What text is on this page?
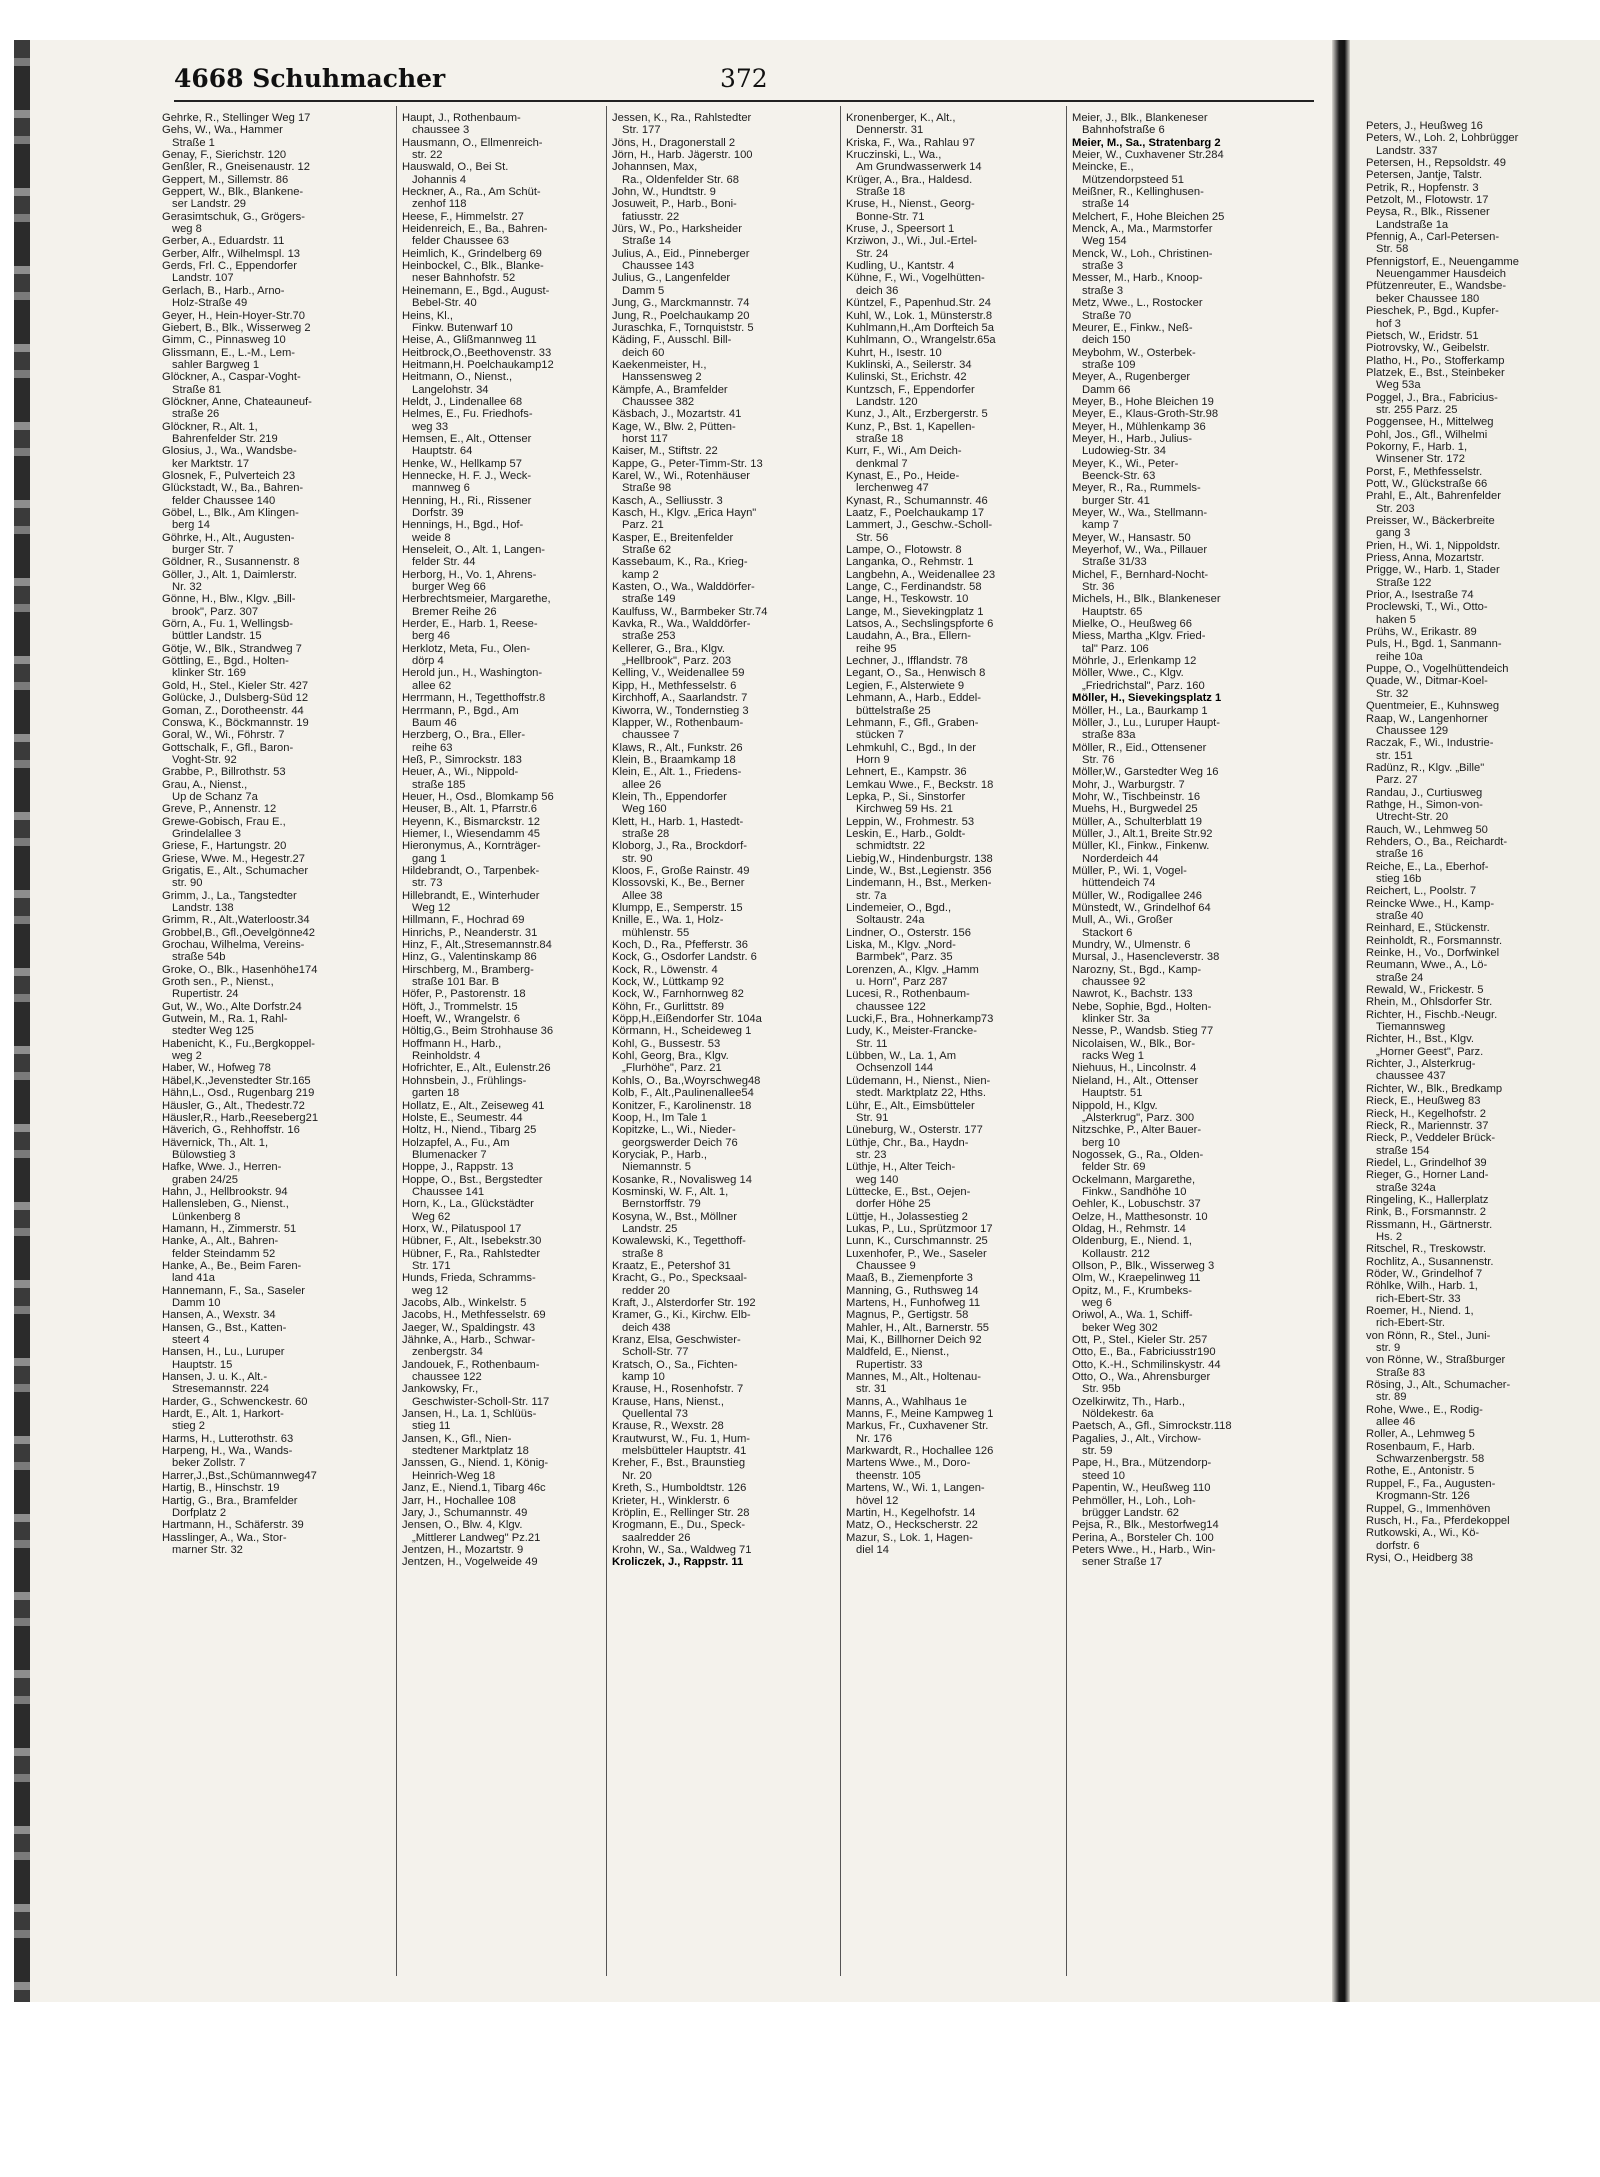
4668 Schuhmacher	372
Gehrke, R., Stellinger Weg 17
Gehs, W., Wa., Hammer
Straße 1
Genay, F., Sierichstr. 120
Genßler, R., Gneisenaustr. 12
Geppert, M., Sillemstr. 86
Geppert, W., Blk., Blankene-
ser Landstr. 29
Gerasimtschuk, G., Grögers-
weg 8
Gerber, A., Eduardstr. 11
Gerber, Alfr., Wilhelmspl. 13
Gerds, Frl. C., Eppendorfer
Landstr. 107
Gerlach, B., Harb., Arno-
Holz-Straße 49
Geyer, H., Hein-Hoyer-Str.70
Giebert, B., Blk., Wisserweg 2
Gimm, C., Pinnasweg 10
Glissmann, E., L.-M., Lem-
sahler Bargweg 1
Glöckner, A., Caspar-Voght-
Straße 81
Glöckner, Anne, Chateauneuf-
straße 26
Glöckner, R., Alt. 1,
Bahrenfelder Str. 219
Glosius, J., Wa., Wandsbe-
ker Marktstr. 17
Glosnek, F., Pulverteich 23
Glückstadt, W., Ba., Bahren-
felder Chaussee 140
Göbel, L., Blk., Am Klingen-
berg 14
Göhrke, H., Alt., Augusten-
burger Str. 7
Göldner, R., Susannenstr. 8
Göller, J., Alt. 1, Daimlerstr.
Nr. 32
Gönne, H., Blw., Klgv. „Bill-
brook", Parz. 307
Görn, A., Fu. 1, Wellingsb-
büttler Landstr. 15
Götje, W., Blk., Strandweg 7
Göttling, E., Bgd., Holten-
klinker Str. 169
Gold, H., Stel., Kieler Str. 427
Golücke, J., Dulsberg-Süd 12
Goman, Z., Dorotheenstr. 44
Conswa, K., Böckmannstr. 19
Goral, W., Wi., Föhrstr. 7
Gottschalk, F., Gfl., Baron-
Voght-Str. 92
Grabbe, P., Billrothstr. 53
Grau, A., Nienst.,
Up de Schanz 7a
Greve, P., Annenstr. 12
Grewe-Gobisch, Frau E.,
Grindelallee 3
Griese, F., Hartungstr. 20
Griese, Wwe. M., Hegestr.27
Grigatis, E., Alt., Schumacher
str. 90
Grimm, J., La., Tangstedter
Landstr. 138
Grimm, R., Alt.,Waterloostr.34
Grobbel,B., Gfl.,Oevelgönne42
Grochau, Wilhelma, Vereins-
straße 54b
Groke, O., Blk., Hasenhöhe174
Groth sen., P., Nienst.,
Rupertistr. 24
Gut, W., Wo., Alte Dorfstr.24
Gutwein, M., Ra. 1, Rahl-
stedter Weg 125
Habenicht, K., Fu.,Bergkoppel-
weg 2
Haber, W., Hofweg 78
Häbel,K.,Jevenstedter Str.165
Hähn,L., Osd., Rugenbarg 219
Häusler, G., Alt., Thedestr.72
Häusler,R., Harb.,Reeseberg21
Häverich, G., Rehhoffstr. 16
Hävernick, Th., Alt. 1,
Bülowstieg 3
Hafke, Wwe. J., Herren-
graben 24/25
Hahn, J., Hellbrookstr. 94
Hallensleben, G., Nienst.,
Lünkenberg 8
Hamann, H., Zimmerstr. 51
Hanke, A., Alt., Bahren-
felder Steindamm 52
Hanke, A., Be., Beim Faren-
land 41a
Hannemann, F., Sa., Saseler
Damm 10
Hansen, A., Wexstr. 34
Hansen, G., Bst., Katten-
steert 4
Hansen, H., Lu., Luruper
Hauptstr. 15
Hansen, J. u. K., Alt.-
Stresemannstr. 224
Harder, G., Schwenckestr. 60
Hardt, E., Alt. 1, Harkort-
stieg 2
Harms, H., Lutterothstr. 63
Harpeng, H., Wa., Wands-
beker Zollstr. 7
Harrer,J.,Bst.,Schümannweg47
Hartig, B., Hinschstr. 19
Hartig, G., Bra., Bramfelder
Dorfplatz 2
Hartmann, H., Schäferstr. 39
Hasslinger, A., Wa., Stor-
marner Str. 32
Haupt, J., Rothenbaum-
chaussee 3
Hausmann, O., Ellmenreich-
str. 22
Hauswald, O., Bei St.
Johannis 4
Heckner, A., Ra., Am Schüt-
zenhof 118
Heese, F., Himmelstr. 27
Heidenreich, E., Ba., Bahren-
felder Chaussee 63
Heimlich, K., Grindelberg 69
Heinbockel, C., Blk., Blanke-
neser Bahnhofstr. 52
Heinemann, E., Bgd., August-
Bebel-Str. 40
Heins, Kl.,
Finkw. Butenwarf 10
Heise, A., Glißmannweg 11
Heitbrock,O.,Beethovenstr. 33
Heitmann,H. Poelchaukamp12
Heitmann, O., Nienst.,
Langelohstr. 34
Heldt, J., Lindenallee 68
Helmes, E., Fu. Friedhofs-
weg 33
Hemsen, E., Alt., Ottenser
Hauptstr. 64
Henke, W., Hellkamp 57
Hennecke, H. F. J., Weck-
mannweg 6
Henning, H., Ri., Rissener
Dorfstr. 39
Hennings, H., Bgd., Hof-
weide 8
Henseleit, O., Alt. 1, Langen-
felder Str. 44
Herborg, H., Vo. 1, Ahrens-
burger Weg 66
Herbrechtsmeier, Margarethe,
Bremer Reihe 26
Herder, E., Harb. 1, Reese-
berg 46
Herklotz, Meta, Fu., Olen-
dörp 4
Herold jun., H., Washington-
allee 62
Herrmann, H., Tegetthoffstr.8
Herrmann, P., Bgd., Am
Baum 46
Herzberg, O., Bra., Eller-
reihe 63
Heß, P., Simrockstr. 183
Heuer, A., Wi., Nippold-
straße 185
Heuer, H., Osd., Blomkamp 56
Heuser, B., Alt. 1, Pfarrstr.6
Heyenn, K., Bismarckstr. 12
Hiemer, I., Wiesendamm 45
Hieronymus, A., Kornträger-
gang 1
Hildebrandt, O., Tarpenbek-
str. 73
Hillebrandt, E., Winterhuder
Weg 12
Hillmann, F., Hochrad 69
Hinrichs, P., Neanderstr. 31
Hinz, F., Alt.,Stresemannstr.84
Hinz, G., Valentinskamp 86
Hirschberg, M., Bramberg-
straße 101 Bar. B
Höfer, P., Pastorenstr. 18
Höft, J., Trommelstr. 15
Hoeft, W., Wrangelstr. 6
Höltig,G., Beim Strohhause 36
Hoffmann H., Harb.,
Reinholdstr. 4
Hofrichter, E., Alt., Eulenstr.26
Hohnsbein, J., Frühlings-
garten 18
Hollatz, E., Alt., Zeiseweg 41
Holste, E., Seumestr. 44
Holtz, H., Niend., Tibarg 25
Holzapfel, A., Fu., Am
Blumenacker 7
Hoppe, J., Rappstr. 13
Hoppe, O., Bst., Bergstedter
Chaussee 141
Horn, K., La., Glückstädter
Weg 62
Horx, W., Pilatuspool 17
Hübner, F., Alt., Isebekstr.30
Hübner, F., Ra., Rahlstedter
Str. 171
Hunds, Frieda, Schramms-
weg 12
Jacobs, Alb., Winkelstr. 5
Jacobs, H., Methfesselstr. 69
Jaeger, W., Spaldingstr. 43
Jähnke, A., Harb., Schwar-
zenbergstr. 34
Jandouek, F., Rothenbaum-
chaussee 122
Jankowsky, Fr.,
Geschwister-Scholl-Str. 117
Jansen, H., La. 1, Schlüüs-
stieg 11
Jansen, K., Gfl., Nien-
stedtener Marktplatz 18
Janssen, G., Niend. 1, König-
Heinrich-Weg 18
Janz, E., Niend.1, Tibarg 46c
Jarr, H., Hochallee 108
Jary, J., Schumannstr. 49
Jensen, O., Blw. 4, Klgv.
„Mittlerer Landweg" Pz.21
Jentzen, H., Mozartstr. 9
Jentzen, H., Vogelweide 49
Jessen, K., Ra., Rahlstedter
Str. 177
Jöns, H., Dragonerstall 2
Jörn, H., Harb. Jägerstr. 100
Johannsen, Max,
Ra., Oldenfelder Str. 68
John, W., Hundtstr. 9
Josuweit, P., Harb., Boni-
fatiusstr. 22
Jürs, W., Po., Harksheider
Straße 14
Julius, A., Eid., Pinneberger
Chaussee 143
Julius, G., Langenfelder
Damm 5
Jung, G., Marckmannstr. 74
Jung, R., Poelchaukamp 20
Juraschka, F., Tornquiststr. 5
Käding, F., Ausschl. Bill-
deich 60
Kaekenmeister, H.,
Hanssensweg 2
Kämpfe, A., Bramfelder
Chaussee 382
Käsbach, J., Mozartstr. 41
Kage, W., Blw. 2, Pütten-
horst 117
Kaiser, M., Stiftstr. 22
Kappe, G., Peter-Timm-Str. 13
Karel, W., Wi., Rotenhäuser
Straße 98
Kasch, A., Selliusstr. 3
Kasch, H., Klgv. „Erica Hayn"
Parz. 21
Kasper, E., Breitenfelder
Straße 62
Kassebaum, K., Ra., Krieg-
kamp 2
Kasten, O., Wa., Walddörfer-
straße 149
Kaulfuss, W., Barmbeker Str.74
Kavka, R., Wa., Walddörfer-
straße 253
Kellerer, G., Bra., Klgv.
„Hellbrook", Parz. 203
Kelling, V., Weidenallee 59
Kipp, H., Methfesselstr. 6
Kirchhoff, A., Saarlandstr. 7
Kiworra, W., Tondernstieg 3
Klapper, W., Rothenbaum-
chaussee 7
Klaws, R., Alt., Funkstr. 26
Klein, B., Braamkamp 18
Klein, E., Alt. 1., Friedens-
allee 26
Klein, Th., Eppendorfer
Weg 160
Klett, H., Harb. 1, Hastedt-
straße 28
Kloborg, J., Ra., Brockdorf-
str. 90
Kloos, F., Große Rainstr. 49
Klossovski, K., Be., Berner
Allee 38
Klumpp, E., Semperstr. 15
Knille, E., Wa. 1, Holz-
mühlenstr. 55
Koch, D., Ra., Pfefferstr. 36
Kock, G., Osdorfer Landstr. 6
Kock, R., Löwenstr. 4
Kock, W., Lüttkamp 92
Kock, W., Farnhornweg 82
Köhn, Fr., Gurlittstr. 89
Köpp,H.,Eißendorfer Str. 104a
Körmann, H., Scheideweg 1
Kohl, G., Bussestr. 53
Kohl, Georg, Bra., Klgv.
„Flurhöhe", Parz. 21
Kohls, O., Ba.,Woyrschweg48
Kolb, F., Alt.,Paulinenallee54
Konitzer, F., Karolinenstr. 18
Koop, H., Im Tale 1
Kopitzke, L., Wi., Nieder-
georgswerder Deich 76
Koryciak, P., Harb.,
Niemannstr. 5
Kosanke, R., Novalisweg 14
Kosminski, W. F., Alt. 1,
Bernstorffstr. 79
Kosyna, W., Bst., Möllner
Landstr. 25
Kowalewski, K., Tegetthoff-
straße 8
Kraatz, E., Petershof 31
Kracht, G., Po., Specksaal-
redder 20
Kraft, J., Alsterdorfer Str. 192
Kramer, G., Ki., Kirchw. Elb-
deich 438
Kranz, Elsa, Geschwister-
Scholl-Str. 77
Kratsch, O., Sa., Fichten-
kamp 10
Krause, H., Rosenhofstr. 7
Krause, Hans, Nienst.,
Quellental 73
Krause, R., Wexstr. 28
Krautwurst, W., Fu. 1, Hum-
melsbütteler Hauptstr. 41
Kreher, F., Bst., Braunstieg
Nr. 20
Kreth, S., Humboldtstr. 126
Krieter, H., Winklerstr. 6
Kröplin, E., Rellinger Str. 28
Krogmann, E., Du., Speck-
saalredder 26
Krohn, W., Sa., Waldweg 71
Kroliczek, J., Rappstr. 11
Kronenberger, K., Alt.,
Dennerstr. 31
Kriska, F., Wa., Rahlau 97
Kruczinski, L., Wa.,
Am Grundwasserwerk 14
Krüger, A., Bra., Haldesd.
Straße 18
Kruse, H., Nienst., Georg-
Bonne-Str. 71
Kruse, J., Speersort 1
Krziwon, J., Wi., Jul.-Ertel-
Str. 24
Kudling, U., Kantstr. 4
Kühne, F., Wi., Vogelhütten-
deich 36
Küntzel, F., Papenhud.Str. 24
Kuhl, W., Lok. 1, Münsterstr.8
Kuhlmann,H.,Am Dorfteich 5a
Kuhlmann, O., Wrangelstr.65a
Kuhrt, H., Isestr. 10
Kuklinski, A., Seilerstr. 34
Kulinski, St., Erichstr. 42
Kuntzsch, F., Eppendorfer
Landstr. 120
Kunz, J., Alt., Erzbergerstr. 5
Kunz, P., Bst. 1, Kapellen-
straße 18
Kurr, F., Wi., Am Deich-
denkmal 7
Kynast, E., Po., Heide-
lerchenweg 47
Kynast, R., Schumannstr. 46
Laatz, F., Poelchaukamp 17
Lammert, J., Geschw.-Scholl-
Str. 56
Lampe, O., Flotowstr. 8
Langanka, O., Rehmstr. 1
Langbehn, A., Weidenallee 23
Lange, C., Ferdinandstr. 58
Lange, H., Teskowstr. 10
Lange, M., Sievekingplatz 1
Latsos, A., Sechslingspforte 6
Laudahn, A., Bra., Ellern-
reihe 95
Lechner, J., Ifflandstr. 78
Legant, O., Sa., Henwisch 8
Legien, F., Alsterwiete 9
Lehmann, A., Harb., Eddel-
büttelstraße 25
Lehmann, F., Gfl., Graben-
stücken 7
Lehmkuhl, C., Bgd., In der
Horn 9
Lehnert, E., Kampstr. 36
Lemkau Wwe., F., Beckstr. 18
Lepka, P., Si., Sinstorfer
Kirchweg 59 Hs. 21
Leppin, W., Frohmestr. 53
Leskin, E., Harb., Goldt-
schmidtstr. 22
Liebig,W., Hindenburgstr. 138
Linde, W., Bst.,Legienstr. 356
Lindemann, H., Bst., Merken-
str. 7a
Lindemeier, O., Bgd.,
Soltaustr. 24a
Lindner, O., Osterstr. 156
Liska, M., Klgv. „Nord-
Barmbek", Parz. 35
Lorenzen, A., Klgv. „Hamm
u. Horn", Parz 287
Lucesi, R., Rothenbaum-
chaussee 122
Lucki,F., Bra., Hohnerkamp73
Ludy, K., Meister-Francke-
Str. 11
Lübben, W., La. 1, Am
Ochsenzoll 144
Lüdemann, H., Nienst., Nien-
stedt. Marktplatz 22, Hths.
Lühr, E., Alt., Eimsbütteler
Str. 91
Lüneburg, W., Osterstr. 177
Lüthje, Chr., Ba., Haydn-
str. 23
Lüthje, H., Alter Teich-
weg 140
Lüttecke, E., Bst., Oejen-
dorfer Höhe 25
Lüttje, H., Jolassestieg 2
Lukas, P., Lu., Sprützmoor 17
Lunn, K., Curschmannstr. 25
Luxenhofer, P., We., Saseler
Chaussee 9
Maaß, B., Ziemenpforte 3
Manning, G., Ruthsweg 14
Martens, H., Funhofweg 11
Magnus, P., Gertigstr. 58
Mahler, H., Alt., Barnerstr. 55
Mai, K., Billhorner Deich 92
Maldfeld, E., Nienst.,
Rupertistr. 33
Mannes, M., Alt., Holtenau-
str. 31
Manns, A., Wahlhaus 1e
Manns, F., Meine Kampweg 1
Markus, Fr., Cuxhavener Str.
Nr. 176
Markwardt, R., Hochallee 126
Martens Wwe., M., Doro-
theenstr. 105
Martens, W., Wi. 1, Langen-
hövel 12
Martin, H., Kegelhofstr. 14
Matz, O., Heckscherstr. 22
Mazur, S., Lok. 1, Hagen-
diel 14
Meier, J., Blk., Blankeneser
Bahnhofstraße 6
Meier, M., Sa., Stratenbarg 2
Meier, W., Cuxhavener Str.284
Meincke, E.,
Mützendorpsteed 51
Meißner, R., Kellinghusen-
straße 14
Melchert, F., Hohe Bleichen 25
Menck, A., Ma., Marmstorfer
Weg 154
Menck, W., Loh., Christinen-
straße 3
Messer, M., Harb., Knoop-
straße 3
Metz, Wwe., L., Rostocker
Straße 70
Meurer, E., Finkw., Neß-
deich 150
Meybohm, W., Osterbek-
straße 109
Meyer, A., Rugenberger
Damm 66
Meyer, B., Hohe Bleichen 19
Meyer, E., Klaus-Groth-Str.98
Meyer, H., Mühlenkamp 36
Meyer, H., Harb., Julius-
Ludowieg-Str. 34
Meyer, K., Wi., Peter-
Beenck-Str. 63
Meyer, R., Ra., Rummels-
burger Str. 41
Meyer, W., Wa., Stellmann-
kamp 7
Meyer, W., Hansastr. 50
Meyerhof, W., Wa., Pillauer
Straße 31/33
Michel, F., Bernhard-Nocht-
Str. 36
Michels, H., Blk., Blankeneser
Hauptstr. 65
Mielke, O., Heußweg 66
Miess, Martha „Klgv. Fried-
tal" Parz. 106
Möhrle, J., Erlenkamp 12
Möller, Wwe., C., Klgv.
„Friedrichstal", Parz. 160
Möller, H., Sievekingsplatz 1
Möller, H., La., Baurkamp 1
Möller, J., Lu., Luruper Haupt-
straße 83a
Möller, R., Eid., Ottensener
Str. 76
Möller,W., Garstedter Weg 16
Mohr, J., Warburgstr. 7
Mohr, W., Tischbeinstr. 16
Muehs, H., Burgwedel 25
Müller, A., Schulterblatt 19
Müller, J., Alt.1, Breite Str.92
Müller, Kl., Finkw., Finkenw.
Norderdeich 44
Müller, P., Wi. 1, Vogel-
hüttendeich 74
Müller, W., Rodigallee 246
Münstedt, W., Grindelhof 64
Mull, A., Wi., Großer
Stackort 6
Mundry, W., Ulmenstr. 6
Mursal, J., Hasencleverstr. 38
Narozny, St., Bgd., Kamp-
chaussee 92
Nawrot, K., Bachstr. 133
Nebe, Sophie, Bgd., Holten-
klinker Str. 3a
Nesse, P., Wandsb. Stieg 77
Nicolaisen, W., Blk., Bor-
racks Weg 1
Niehuus, H., Lincolnstr. 4
Nieland, H., Alt., Ottenser
Hauptstr. 51
Nippold, H., Klgv.
„Alsterkrug", Parz. 300
Nitzschke, P., Alter Bauer-
berg 10
Nogossek, G., Ra., Olden-
felder Str. 69
Ockelmann, Margarethe,
Finkw., Sandhöhe 10
Oehler, K., Lobuschstr. 37
Oelze, H., Matthesonstr. 10
Oldag, H., Rehmstr. 14
Oldenburg, E., Niend. 1,
Kollaustr. 212
Ollson, P., Blk., Wisserweg 3
Olm, W., Kraepelinweg 11
Opitz, M., F., Krumbeks-
weg 6
Oriwol, A., Wa. 1, Schiff-
beker Weg 302
Ott, P., Stel., Kieler Str. 257
Otto, E., Ba., Fabriciusstr190
Otto, K.-H., Schmilinskystr. 44
Otto, O., Wa., Ahrensburger
Str. 95b
Ozelkirwitz, Th., Harb.,
Nöldekestr. 6a
Paetsch, A., Gfl., Simrockstr.118
Pagalies, J., Alt., Virchow-
str. 59
Pape, H., Bra., Mützendorp-
steed 10
Papentin, W., Heußweg 110
Pehmöller, H., Loh., Loh-
brügger Landstr. 62
Pejsa, R., Blk., Mestorfweg14
Perina, A., Borsteler Ch. 100
Peters Wwe., H., Harb., Win-
sener Straße 17
Peters, J., Heußweg 16
Peters, W., Loh. 2, Lohbrügger
Landstr. 337
Petersen, H., Repsoldstr. 49
Petersen, Jantje, Talstr.
Petrik, R., Hopfenstr. 3
Petzolt, M., Flotowstr. 17
Peysa, R., Blk., Rissener
Landstraße 1a
Pfennig, A., Carl-Petersen-
Str. 58
Pfennigstorf, E., Neuengamme
Neuengammer Hausdeich
Pfützenreuter, E., Wandsbe-
beker Chaussee 180
Pieschek, P., Bgd., Kupfer-
hof 3
Pietsch, W., Eridstr. 51
Piotrovsky, W., Geibelstr.
Platho, H., Po., Stofferkamp
Platzek, E., Bst., Steinbeker
Weg 53a
Poggel, J., Bra., Fabricius-
str. 255 Parz. 25
Poggensee, H., Mittelweg
Pohl, Jos., Gfl., Wilhelmi
Pokorny, F., Harb. 1,
Winsener Str. 172
Porst, F., Methfesselstr.
Pott, W., Glückstraße 66
Prahl, E., Alt., Bahrenfelder
Str. 203
Preisser, W., Bäckerbreite
gang 3
Prien, H., Wi. 1, Nippoldstr.
Priess, Anna, Mozartstr.
Prigge, W., Harb. 1, Stader
Straße 122
Prior, A., Isestraße 74
Proclewski, T., Wi., Otto-
haken 5
Prühs, W., Erikastr. 89
Puls, H., Bgd. 1, Sanmann-
reihe 10a
Puppe, O., Vogelhüttendeich
Quade, W., Ditmar-Koel-
Str. 32
Quentmeier, E., Kuhnsweg
Raap, W., Langenhorner
Chaussee 129
Raczak, F., Wi., Industrie-
str. 151
Radünz, R., Klgv. „Bille"
Parz. 27
Randau, J., Curtiusweg
Rathge, H., Simon-von-
Utrecht-Str. 20
Rauch, W., Lehmweg 50
Rehders, O., Ba., Reichardt-
straße 16
Reiche, E., La., Eberhof-
stieg 16b
Reichert, L., Poolstr. 7
Reincke Wwe., H., Kamp-
straße 40
Reinhard, E., Stückenstr.
Reinholdt, R., Forsmannstr.
Reinke, H., Vo., Dorfwinkel
Reumann, Wwe., A., Lö-
straße 24
Rewald, W., Frickestr. 5
Rhein, M., Ohlsdorfer Str.
Richter, H., Fischb.-Neugr.
Tiemannsweg
Richter, H., Bst., Klgv.
„Horner Geest", Parz.
Richter, J., Alsterkrug-
chaussee 437
Richter, W., Blk., Bredkamp
Rieck, E., Heußweg 83
Rieck, H., Kegelhofstr. 2
Rieck, R., Mariennstr. 37
Rieck, P., Veddeler Brück-
straße 154
Riedel, L., Grindelhof 39
Rieger, G., Horner Land-
straße 324a
Ringeling, K., Hallerplatz
Rink, B., Forsmannstr. 2
Rissmann, H., Gärtnerstr.
Hs. 2
Ritschel, R., Treskowstr.
Rochlitz, A., Susannenstr.
Röder, W., Grindelhof 7
Röhlke, Wilh., Harb. 1,
rich-Ebert-Str. 33
Roemer, H., Niend. 1,
rich-Ebert-Str.
von Rönn, R., Stel., Juni-
str. 9
von Rönne, W., Straßburger
Straße 83
Rösing, J., Alt., Schumacher-
str. 89
Rohe, Wwe., E., Rodig-
allee 46
Roller, A., Lehmweg 5
Rosenbaum, F., Harb.
Schwarzenbergstr. 58
Rothe, E., Antonistr. 5
Ruppel, F., Fa., Augusten-
Krogmann-Str. 126
Ruppel, G., Immenhöven
Rusch, H., Fa., Pferdekoppel
Rutkowski, A., Wi., Kö-
dorfstr. 6
Rysi, O., Heidberg 38
